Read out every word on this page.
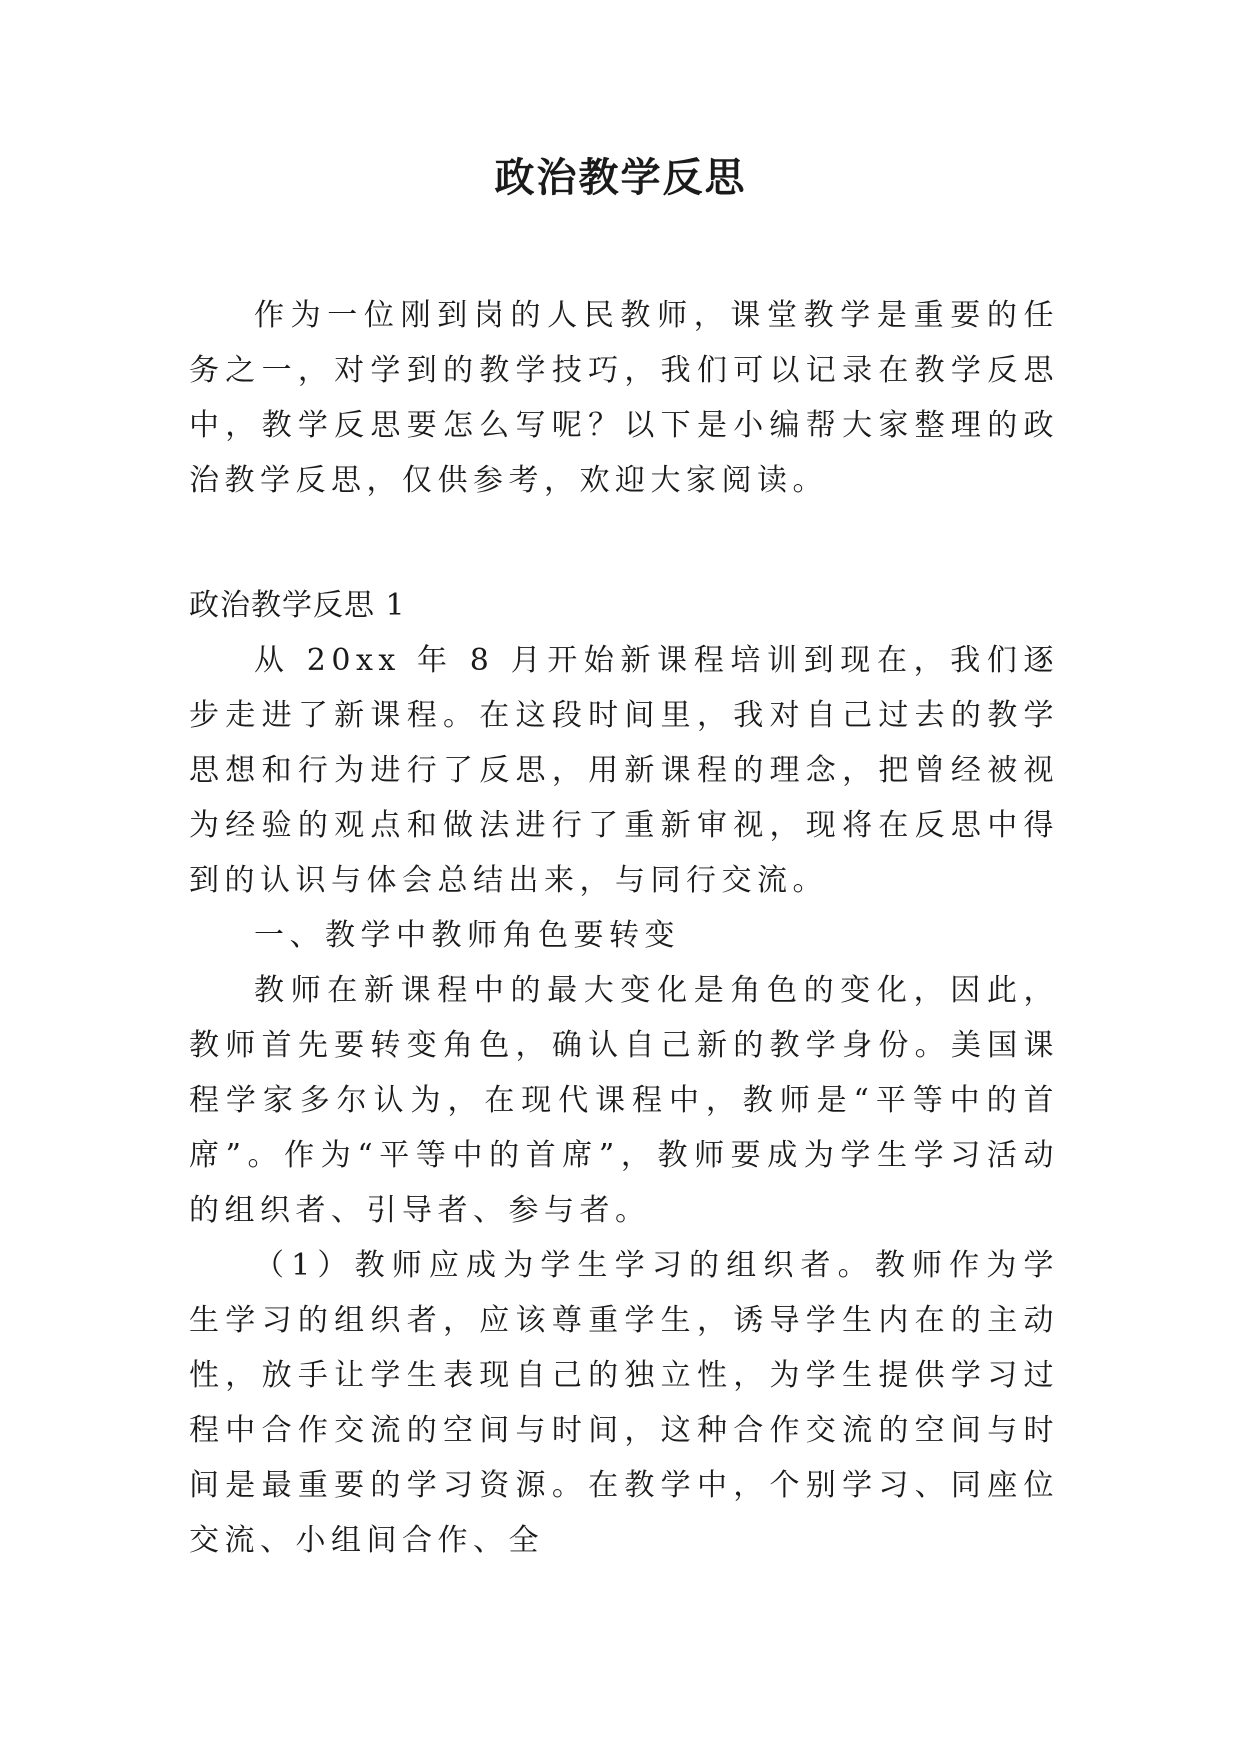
政治教学反思

作为一位刚到岗的人民教师，课堂教学是重要的任务之一，对学到的教学技巧，我们可以记录在教学反思中，教学反思要怎么写呢？以下是小编帮大家整理的政治教学反思，仅供参考，欢迎大家阅读。

政治教学反思 1

从 20xx 年 8 月开始新课程培训到现在，我们逐步走进了新课程。在这段时间里，我对自己过去的教学思想和行为进行了反思，用新课程的理念，把曾经被视为经验的观点和做法进行了重新审视，现将在反思中得到的认识与体会总结出来，与同行交流。

一、教学中教师角色要转变

教师在新课程中的最大变化是角色的变化，因此，教师首先要转变角色，确认自己新的教学身份。美国课程学家多尔认为，在现代课程中，教师是“平等中的首席”。作为“平等中的首席”，教师要成为学生学习活动的组织者、引导者、参与者。

（1）教师应成为学生学习的组织者。教师作为学生学习的组织者，应该尊重学生，诱导学生内在的主动性，放手让学生表现自己的独立性，为学生提供学习过程中合作交流的空间与时间，这种合作交流的空间与时间是最重要的学习资源。在教学中，个别学习、同座位交流、小组间合作、全
